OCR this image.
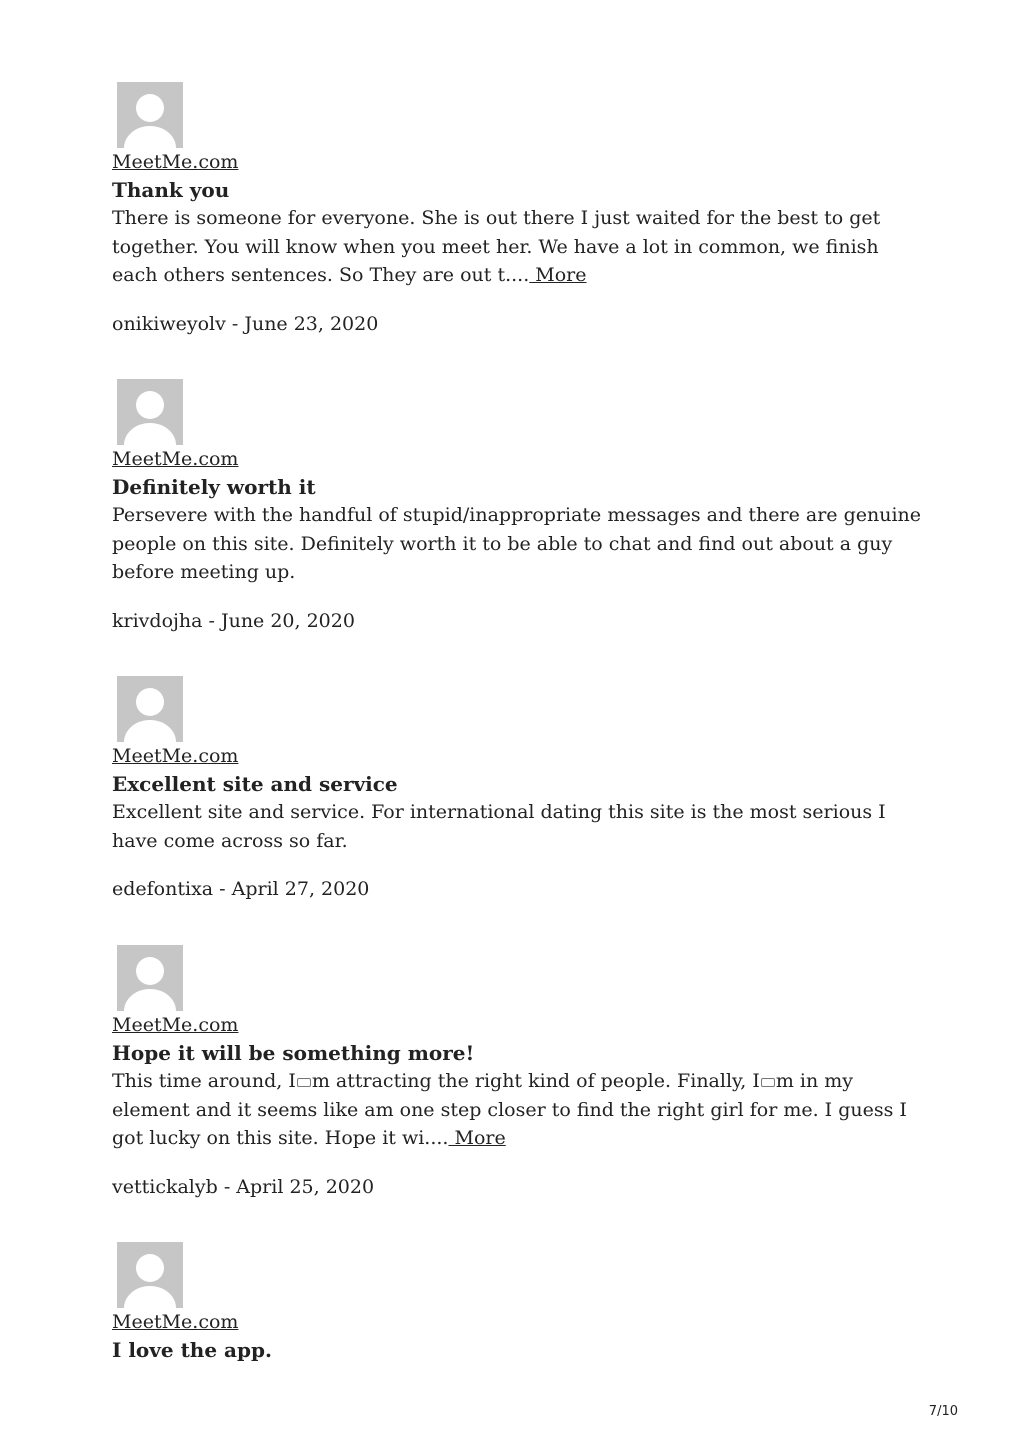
MeetMe.com
Thank you

There is someone for everyone. She is out there I just waited for the best to get together. You will know when you meet her. We have a lot in common, we finish each others sentences. So They are out t.... More

onikiweyolv - June 23, 2020
MeetMe.com
Definitely worth it

Persevere with the handful of stupid/inappropriate messages and there are genuine people on this site. Definitely worth it to be able to chat and find out about a guy before meeting up.

krivdojha - June 20, 2020
MeetMe.com
Excellent site and service

Excellent site and service. For international dating this site is the most serious I have come across so far.

edefontixa - April 27, 2020
MeetMe.com
Hope it will be something more!

This time around, I m attracting the right kind of people. Finally, I m in my element and it seems like am one step closer to find the right girl for me. I guess I got lucky on this site. Hope it wi.... More

vettickalyb - April 25, 2020
MeetMe.com
I love the app.
7/10
